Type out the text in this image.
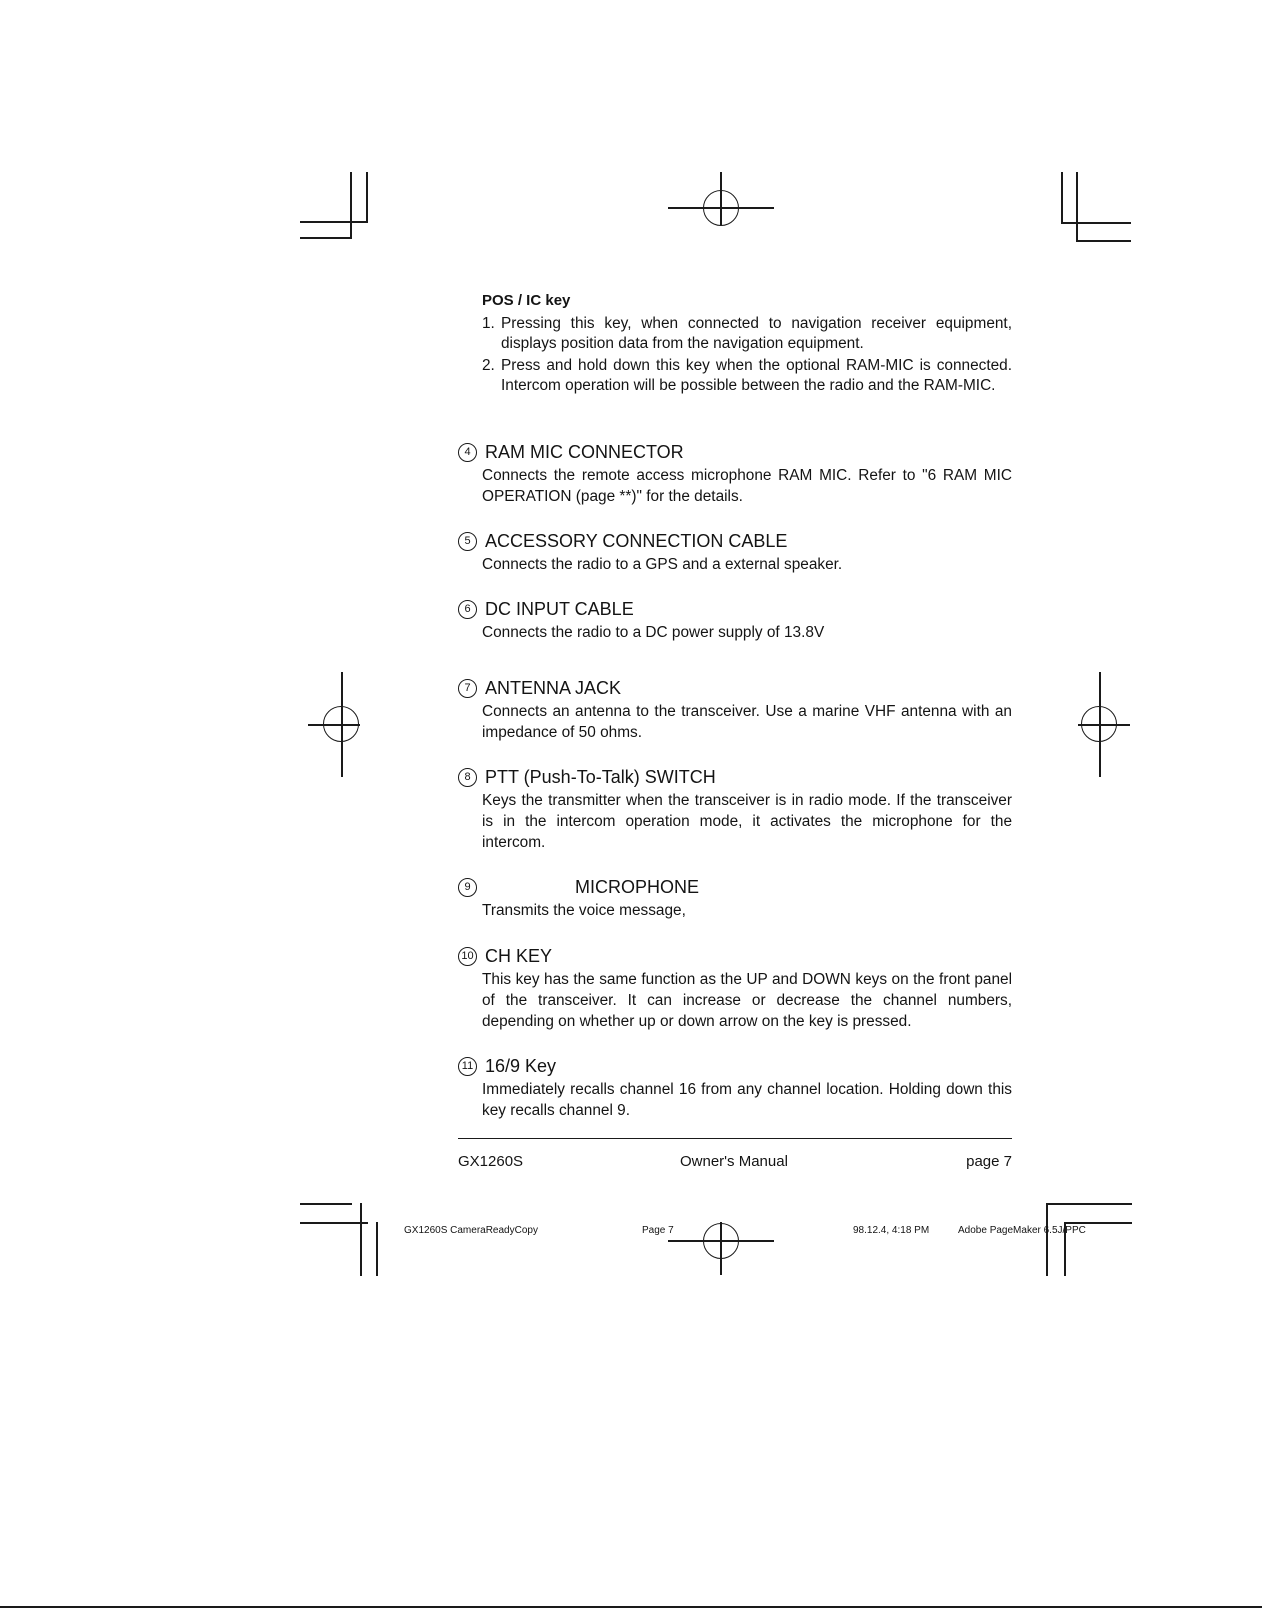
POS / IC key
1. Pressing this key, when connected to navigation receiver equipment, displays position data from the navigation equipment.
2. Press and hold down this key when the optional RAM-MIC is connected. Intercom operation will be possible between the radio and the RAM-MIC.
4 RAM MIC CONNECTOR
Connects the remote access microphone RAM MIC. Refer to "6 RAM MIC OPERATION (page **)" for the details.
5 ACCESSORY CONNECTION CABLE
Connects the radio to a GPS and a external speaker.
6 DC INPUT CABLE
Connects the radio to a DC power supply of 13.8V
7 ANTENNA JACK
Connects an antenna to the transceiver. Use a marine VHF antenna with an impedance of 50 ohms.
8 PTT (Push-To-Talk) SWITCH
Keys the transmitter when the transceiver is in radio mode. If the transceiver is in the intercom operation mode, it activates the microphone for the intercom.
9	MICROPHONE
Transmits the voice message,
10 CH KEY
This key has the same function as the UP and DOWN keys on the front panel of the transceiver. It can increase or decrease the channel numbers, depending on whether up or down arrow on the key is pressed.
11 16/9 Key
Immediately recalls channel 16 from any channel location. Holding down this key recalls channel 9.
GX1260S	Owner's Manual	page 7
GX1260S CameraReadyCopy	Page 7	98.12.4, 4:18 PM	Adobe PageMaker 6.5J/PPC
